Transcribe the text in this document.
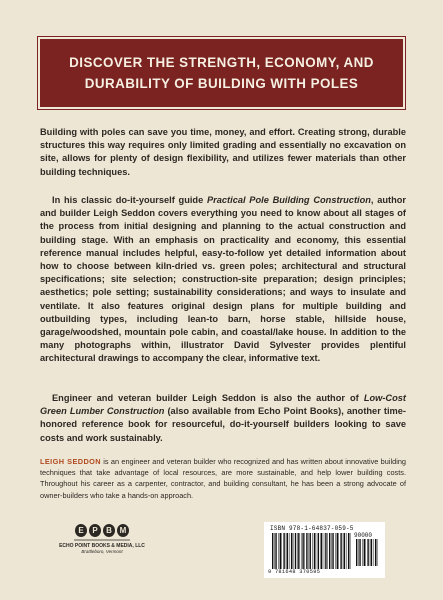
DISCOVER THE STRENGTH, ECONOMY, AND DURABILITY OF BUILDING WITH POLES

Building with poles can save you time, money, and effort. Creating strong, durable structures this way requires only limited grading and essentially no excavation on site, allows for plenty of design flexibility, and utilizes fewer materials than other building techniques.

In his classic do-it-yourself guide Practical Pole Building Construction, author and builder Leigh Seddon covers everything you need to know about all stages of the process from initial designing and planning to the actual construction and building stage. With an emphasis on practicality and economy, this essential reference manual includes helpful, easy-to-follow yet detailed information about how to choose between kiln-dried vs. green poles; architectural and structural specifications; site selection; construction-site preparation; design principles; aesthetics; pole setting; sustainability considerations; and ways to insulate and ventilate. It also features original design plans for multiple building and outbuilding types, including lean-to barn, horse stable, hillside house, garage/woodshed, mountain pole cabin, and coastal/lake house. In addition to the many photographs within, illustrator David Sylvester provides plentiful architectural drawings to accompany the clear, informative text.

Engineer and veteran builder Leigh Seddon is also the author of Low-Cost Green Lumber Construction (also available from Echo Point Books), another time-honored reference book for resourceful, do-it-yourself builders looking to save costs and work sustainably.

LEIGH SEDDON is an engineer and veteran builder who recognized and has written about innovative building techniques that take advantage of local resources, are more sustainable, and help lower building costs. Throughout his career as a carpenter, contractor, and building consultant, he has been a strong advocate of owner-builders who take a hands-on approach.

E	P	B M
ECHO POINT BOOKS & MEDIA, LLC
Brattleboro, Vermont
ISBN 978-1-64837-059-5
90000
9 781648 370595
